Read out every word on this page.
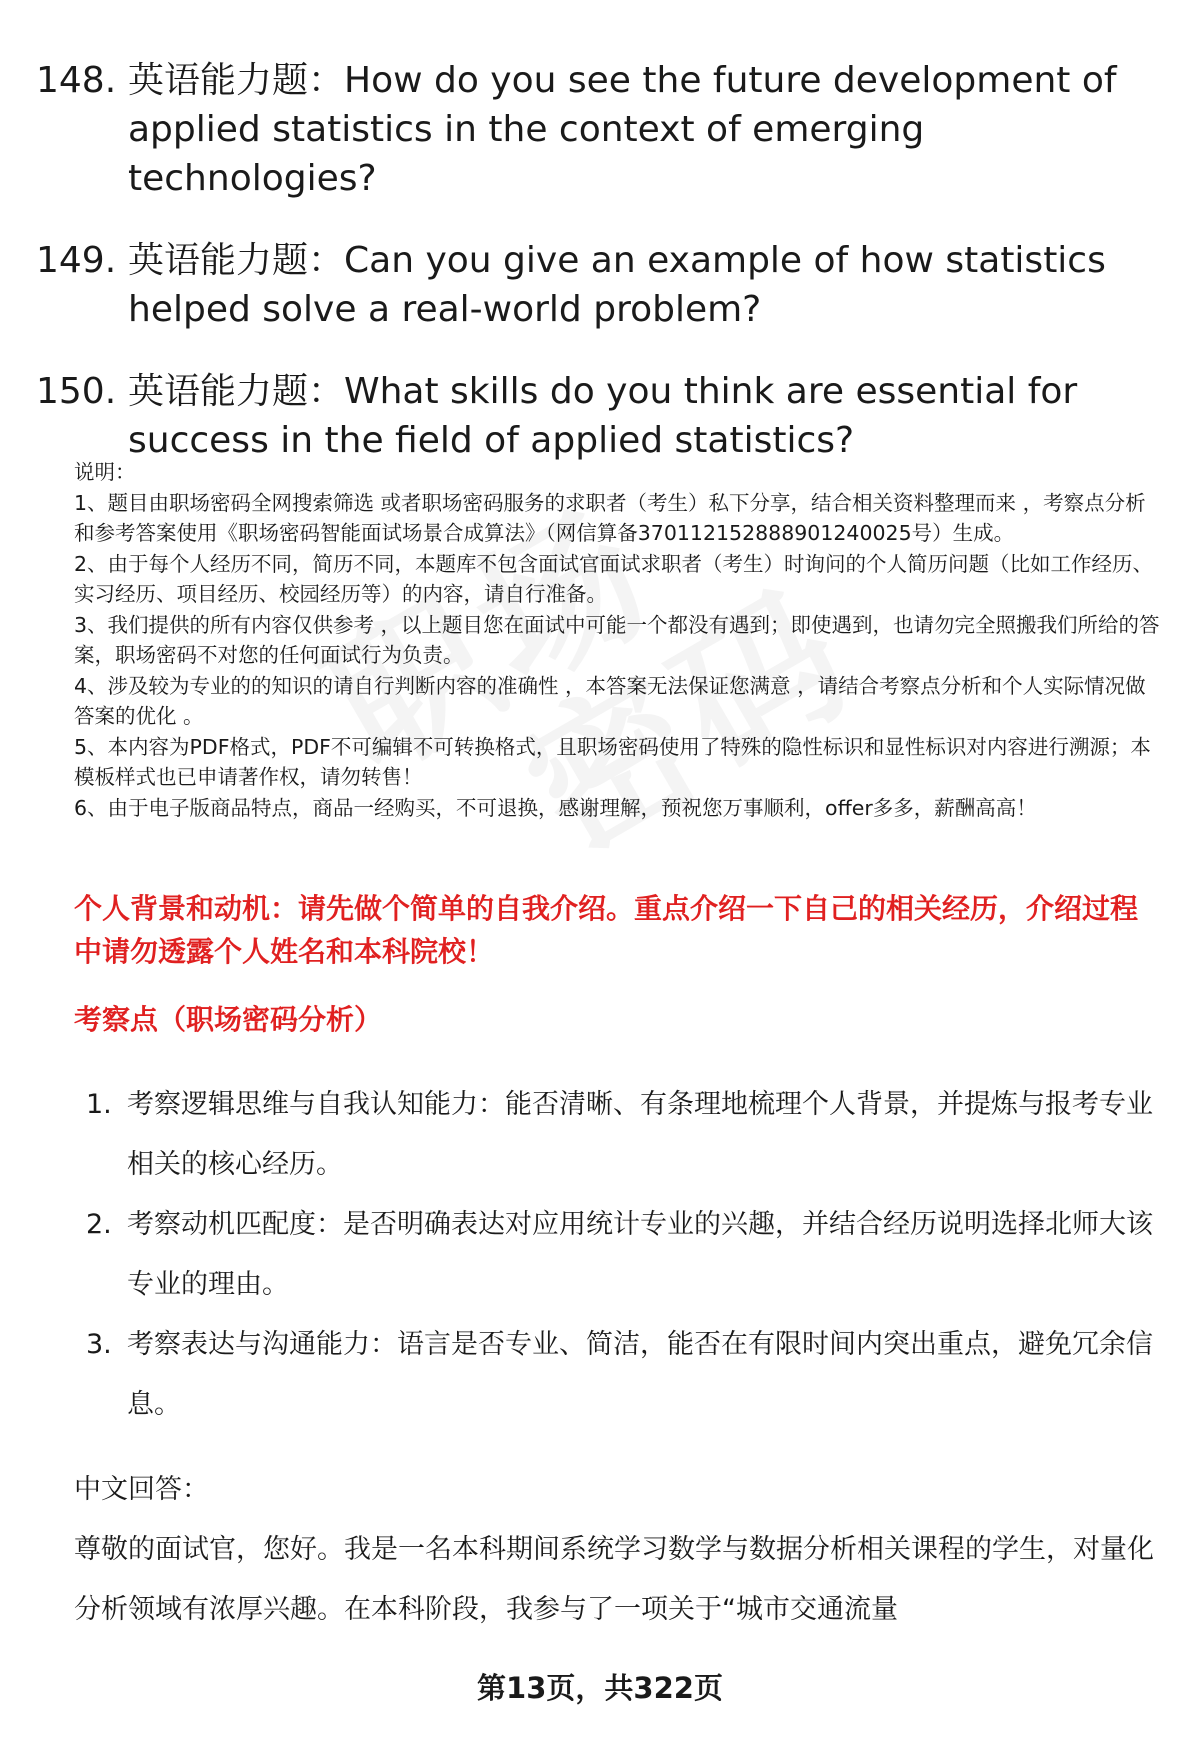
148. 英语能力题：How do you see the future development of applied statistics in the context of emerging technologies?
149. 英语能力题：Can you give an example of how statistics helped solve a real-world problem?
150. 英语能力题：What skills do you think are essential for success in the field of applied statistics?

说明：

1、题目由职场密码全网搜索筛选 或者职场密码服务的求职者（考生）私下分享，结合相关资料整理而来 ，考察点分析和参考答案使用《职场密码智能面试场景合成算法》（网信算备370112152888901240025号）生成。

2、由于每个人经历不同，简历不同，本题库不包含面试官面试求职者（考生）时询问的个人简历问题（比如工作经历、实习经历、项目经历、校园经历等）的内容，请自行准备。

3、我们提供的所有内容仅供参考 ，以上题目您在面试中可能一个都没有遇到；即使遇到，也请勿完全照搬我们所给的答案，职场密码不对您的任何面试行为负责。

4、涉及较为专业的的知识的请自行判断内容的准确性 ，本答案无法保证您满意 ，请结合考察点分析和个人实际情况做答案的优化 。

5、本内容为PDF格式，PDF不可编辑不可转换格式，且职场密码使用了特殊的隐性标识和显性标识对内容进行溯源；本模板样式也已申请著作权，请勿转售！

6、由于电子版商品特点，商品一经购买，不可退换，感谢理解，预祝您万事顺利，offer多多，薪酬高高！

个人背景和动机：请先做个简单的自我介绍。重点介绍一下自己的相关经历，介绍过程中请勿透露个人姓名和本科院校！
考察点（职场密码分析）
1. 考察逻辑思维与自我认知能力：能否清晰、有条理地梳理个人背景，并提炼与报考专业相关的核心经历。
2. 考察动机匹配度：是否明确表达对应用统计专业的兴趣，并结合经历说明选择北师大该专业的理由。
3. 考察表达与沟通能力：语言是否专业、简洁，能否在有限时间内突出重点，避免冗余信息。
中文回答：
尊敬的面试官，您好。我是一名本科期间系统学习数学与数据分析相关课程的学生，对量化分析领域有浓厚兴趣。在本科阶段，我参与了一项关于“城市交通流量
第13页，共322页
